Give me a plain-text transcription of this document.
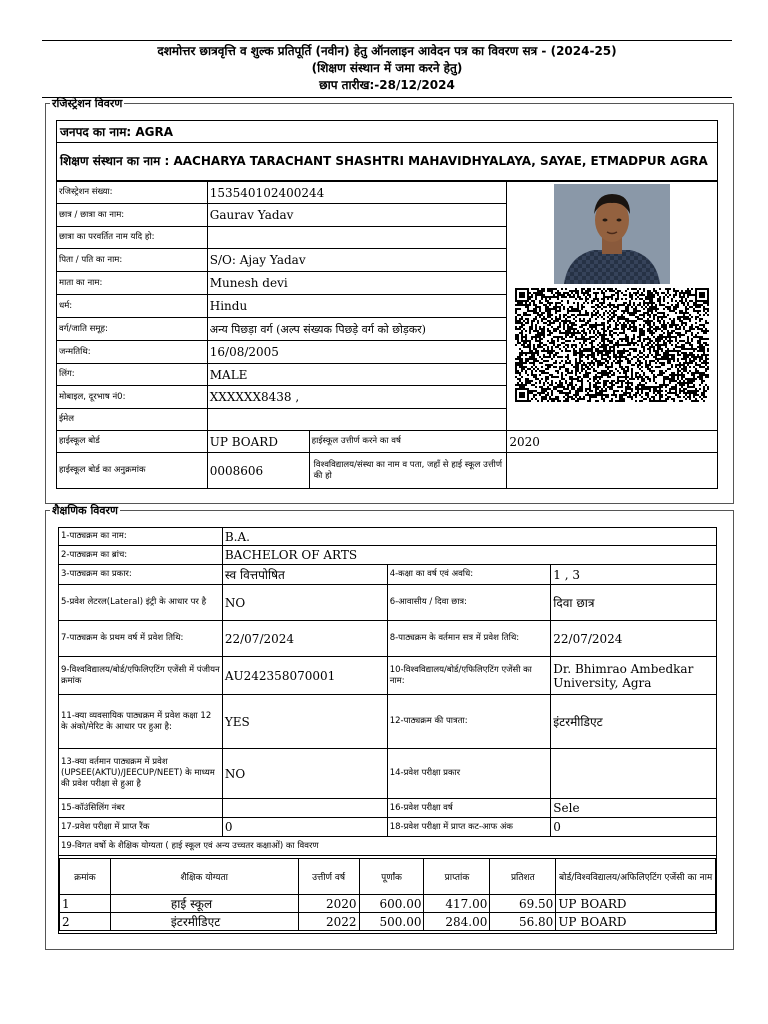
दशमोत्तर छात्रवृत्ति व शुल्क प्रतिपूर्ति (नवीन) हेतु ऑनलाइन आवेदन पत्र का विवरण सत्र - (2024-25)
(शिक्षण संस्थान में जमा करने हेतु)
छाप तारीख:-28/12/2024
रजिस्ट्रेशन विवरण
जनपद का नाम: AGRA
शिक्षण संस्थान का नाम : AACHARYA TARACHANT SHASHTRI MAHAVIDHYALAYA, SAYAE, ETMADPUR AGRA
रजिस्ट्रेशन संख्या:	153540102400244		
छात्र / छात्रा का नाम:	Gaurav Yadav		
छात्रा का परवर्तित नाम यदि हो:			
पिता / पति का नाम:	S/O: Ajay Yadav		
माता का नाम:	Munesh devi		
धर्म:	Hindu		
वर्ग/जाति समूह:	अन्य पिछड़ा वर्ग (अल्प संख्यक पिछड़े वर्ग को छोड़कर)		
जन्मतिथि:	16/08/2005		
लिंग:	MALE		
मोबाइल, दूरभाष नं0:	XXXXXX8438 ,		
ईमेल			
हाईस्कूल बोर्ड	UP BOARD	हाईस्कूल उत्तीर्ण करने का वर्ष	2020
हाईस्कूल बोर्ड का अनुक्रमांक	0008606	विश्वविद्यालय/संस्था का नाम व पता, जहाँ से हाई स्कूल उत्तीर्ण की हो	
शैक्षणिक विवरण
1-पाठ्यक्रम का नाम:	B.A.
2-पाठ्यक्रम का ब्रांच:	BACHELOR OF ARTS
3-पाठ्यक्रम का प्रकार:	स्व वित्तपोषित	4-कक्षा का वर्ष एवं अवधि:	1 , 3
5-प्रवेश लेटरल(Lateral) इंट्री के आधार पर है	NO	6-आवासीय / दिवा छात्र:	दिवा छात्र
7-पाठ्यक्रम के प्रथम वर्ष में प्रवेश तिथि:	22/07/2024	8-पाठ्यक्रम के वर्तमान सत्र में प्रवेश तिथि:	22/07/2024
9-विश्वविद्यालय/बोर्ड/एफिलिएटिंग एजेंसी में पंजीयन क्रमांक	AU242358070001	10-विश्वविद्यालय/बोर्ड/एफिलिएटिंग एजेंसी का नाम:	Dr. Bhimrao Ambedkar University, Agra
11-क्या व्यवसायिक पाठ्यक्रम में प्रवेश कक्षा 12 के अंको/मेरिट के आधार पर हुआ है:	YES	12-पाठ्यक्रम की पात्रता:	इंटरमीडिएट
13-क्या वर्तमान पाठ्यक्रम में प्रवेश (UPSEE(AKTU)/JEECUP/NEET) के माध्यम की प्रवेश परीक्षा से हुआ है	NO	14-प्रवेश परीक्षा प्रकार	
15-कॉउंसिलिंग नंबर		16-प्रवेश परीक्षा वर्ष	Sele
17-प्रवेश परीक्षा में प्राप्त रैंक	0	18-प्रवेश परीक्षा में प्राप्त कट-आफ अंक	0
19-विगत वर्षो के शैक्षिक योग्यता ( हाई स्कूल एवं अन्य उच्चतर कक्षाओं) का विवरण

क्रमांक	शैक्षिक योग्यता	उत्तीर्ण वर्ष	पूर्णांक	प्राप्तांक	प्रतिशत	बोर्ड/विश्वविद्यालय/अफिलिएटिंग एजेंसी का नाम
1	हाई स्कूल	2020	600.00	417.00	69.50	UP BOARD
2	इंटरमीडिएट	2022	500.00	284.00	56.80	UP BOARD
